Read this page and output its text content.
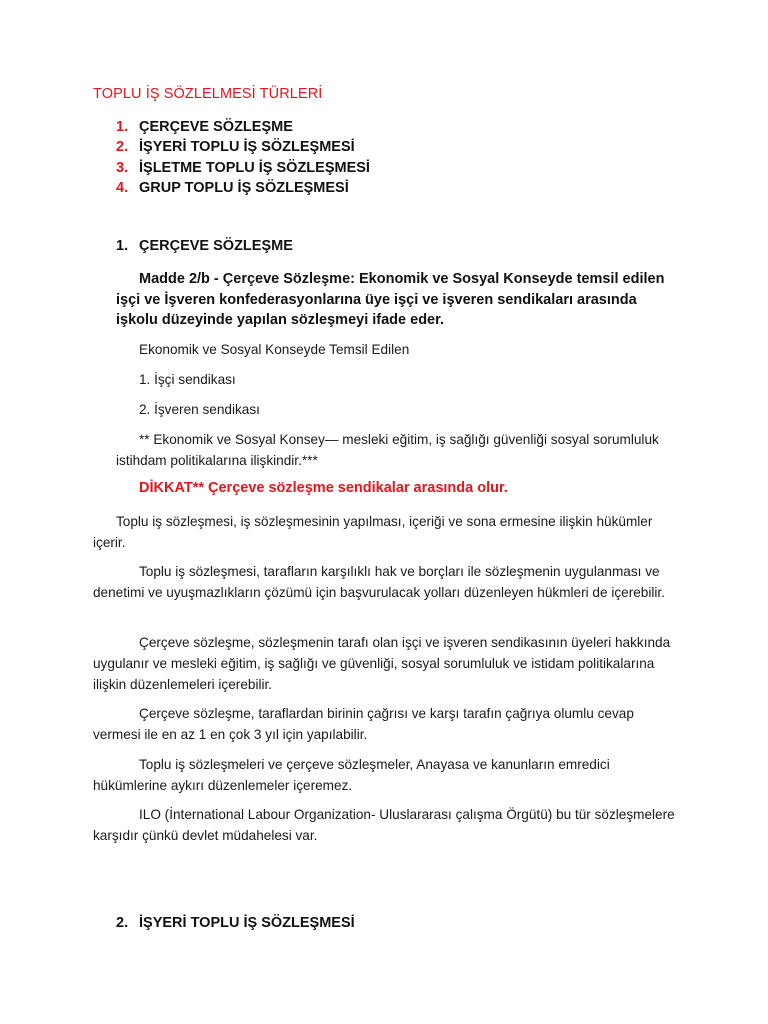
TOPLU İŞ SÖZLELMESİ TÜRLERİ
1. ÇERÇEVE SÖZLEŞME
2. İŞYERİ TOPLU İŞ SÖZLEŞMESİ
3. İŞLETME TOPLU İŞ SÖZLEŞMESİ
4. GRUP TOPLU İŞ SÖZLEŞMESİ
1. ÇERÇEVE SÖZLEŞME

Madde 2/b - Çerçeve Sözleşme: Ekonomik ve Sosyal Konseyde temsil edilen işçi ve İşveren konfederasyonlarına üye işçi ve işveren sendikaları arasında işkolu düzeyinde yapılan sözleşmeyi ifade eder.

Ekonomik ve Sosyal Konseyde Temsil Edilen

1. İşçi sendikası

2. İşveren sendikası

** Ekonomik ve Sosyal Konsey— mesleki eğitim, iş sağlığı güvenliği sosyal sorumluluk istihdam politikalarına ilişkindir.***

DİKKAT** Çerçeve sözleşme sendikalar arasında olur.

Toplu iş sözleşmesi, iş sözleşmesinin yapılması, içeriği ve sona ermesine ilişkin hükümler içerir.

Toplu iş sözleşmesi, tarafların karşılıklı hak ve borçları ile sözleşmenin uygulanması ve denetimi ve uyuşmazlıkların çözümü için başvurulacak yolları düzenleyen hükmleri de içerebilir.

Çerçeve sözleşme, sözleşmenin tarafı olan işçi ve işveren sendikasının üyeleri hakkında uygulanır ve mesleki eğitim, iş sağlığı ve güvenliği, sosyal sorumluluk ve istidam politikalarına ilişkin düzenlemeleri içerebilir.

Çerçeve sözleşme, taraflardan birinin çağrısı ve karşı tarafın çağrıya olumlu cevap vermesi ile en az 1 en çok 3 yıl için yapılabilir.

Toplu iş sözleşmeleri ve çerçeve sözleşmeler, Anayasa ve kanunların emredici hükümlerine aykırı düzenlemeler içeremez.

ILO (İnternational Labour Organization- Uluslararası çalışma Örgütü) bu tür sözleşmelere karşıdır çünkü devlet müdahelesi var.

2. İŞYERİ TOPLU İŞ SÖZLEŞMESİ
